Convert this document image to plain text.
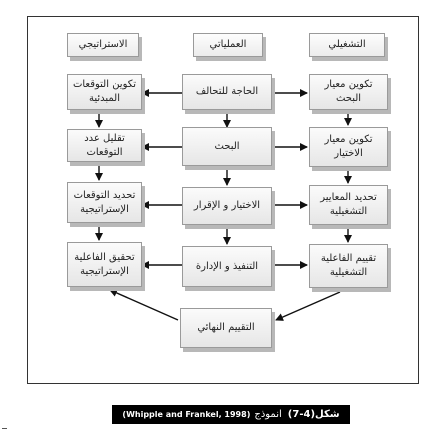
التشغيلي
العملياتي
الاستراتيجي
تكوين معيار البحث
الحاجة للتحالف
تكوين التوقعات المبدئية
تكوين معيار الاختيار
البحث
تقليل عدد التوقعات
تحديد المعايير التشغيلية
الاختيار و الإقرار
تحديد التوقعات الإستراتيجية
تقييم الفاعلية التشغيلية
التنفيذ و الإدارة
تحقيق الفاعلية الإستراتيجية
التقييم النهائي
شكل(4-7)
انموذج
(Whipple and Frankel, 1998)
